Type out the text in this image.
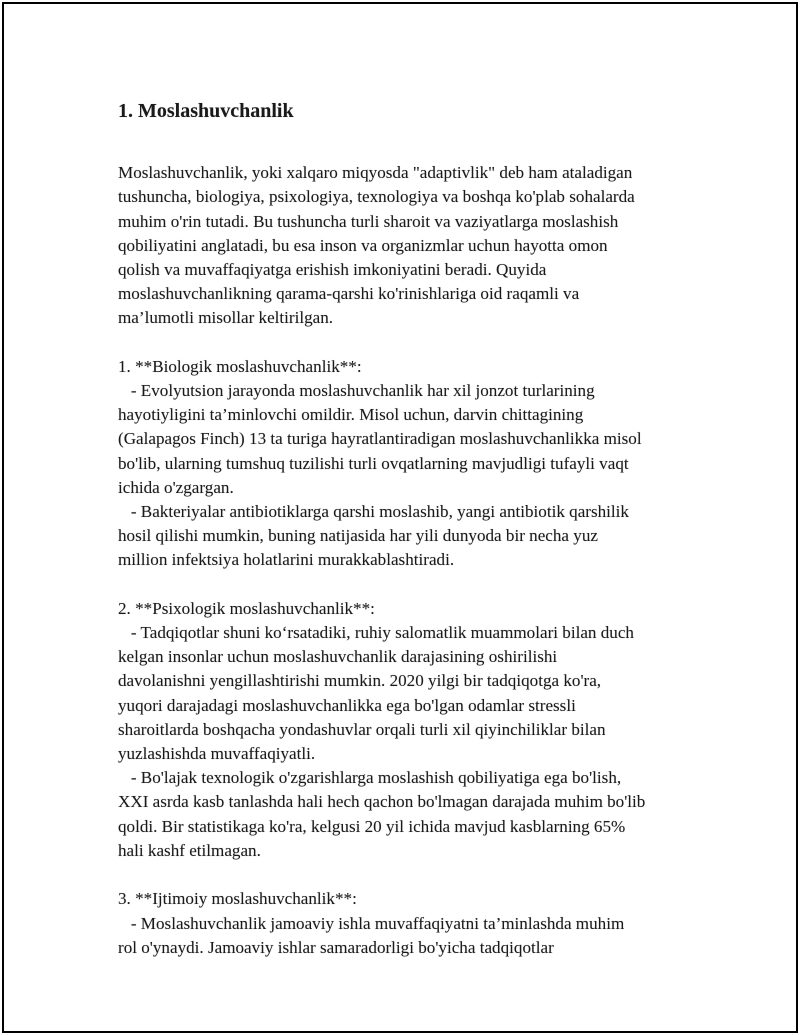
1. Moslashuvchanlik

Moslashuvchanlik, yoki xalqaro miqyosda "adaptivlik" deb ham ataladigan
tushuncha, biologiya, psixologiya, texnologiya va boshqa ko'plab sohalarda
muhim o'rin tutadi. Bu tushuncha turli sharoit va vaziyatlarga moslashish
qobiliyatini anglatadi, bu esa inson va organizmlar uchun hayotta omon
qolish va muvaffaqiyatga erishish imkoniyatini beradi. Quyida
moslashuvchanlikning qarama-qarshi ko'rinishlariga oid raqamli va
ma’lumotli misollar keltirilgan.

1. **Biologik moslashuvchanlik**:
- Evolyutsion jarayonda moslashuvchanlik har xil jonzot turlarining
hayotiyligini ta’minlovchi omildir. Misol uchun, darvin chittagining
(Galapagos Finch) 13 ta turiga hayratlantiradigan moslashuvchanlikka misol
bo'lib, ularning tumshuq tuzilishi turli ovqatlarning mavjudligi tufayli vaqt
ichida o'zgargan.
- Bakteriyalar antibiotiklarga qarshi moslashib, yangi antibiotik qarshilik
hosil qilishi mumkin, buning natijasida har yili dunyoda bir necha yuz
million infektsiya holatlarini murakkablashtiradi.

2. **Psixologik moslashuvchanlik**:
- Tadqiqotlar shuni ko‘rsatadiki, ruhiy salomatlik muammolari bilan duch
kelgan insonlar uchun moslashuvchanlik darajasining oshirilishi
davolanishni yengillashtirishi mumkin. 2020 yilgi bir tadqiqotga ko'ra,
yuqori darajadagi moslashuvchanlikka ega bo'lgan odamlar stressli
sharoitlarda boshqacha yondashuvlar orqali turli xil qiyinchiliklar bilan
yuzlashishda muvaffaqiyatli.
- Bo'lajak texnologik o'zgarishlarga moslashish qobiliyatiga ega bo'lish,
XXI asrda kasb tanlashda hali hech qachon bo'lmagan darajada muhim bo'lib
qoldi. Bir statistikaga ko'ra, kelgusi 20 yil ichida mavjud kasblarning 65%
hali kashf etilmagan.

3. **Ijtimoiy moslashuvchanlik**:
- Moslashuvchanlik jamoaviy ishla muvaffaqiyatni ta’minlashda muhim
rol o'ynaydi. Jamoaviy ishlar samaradorligi bo'yicha tadqiqotlar
